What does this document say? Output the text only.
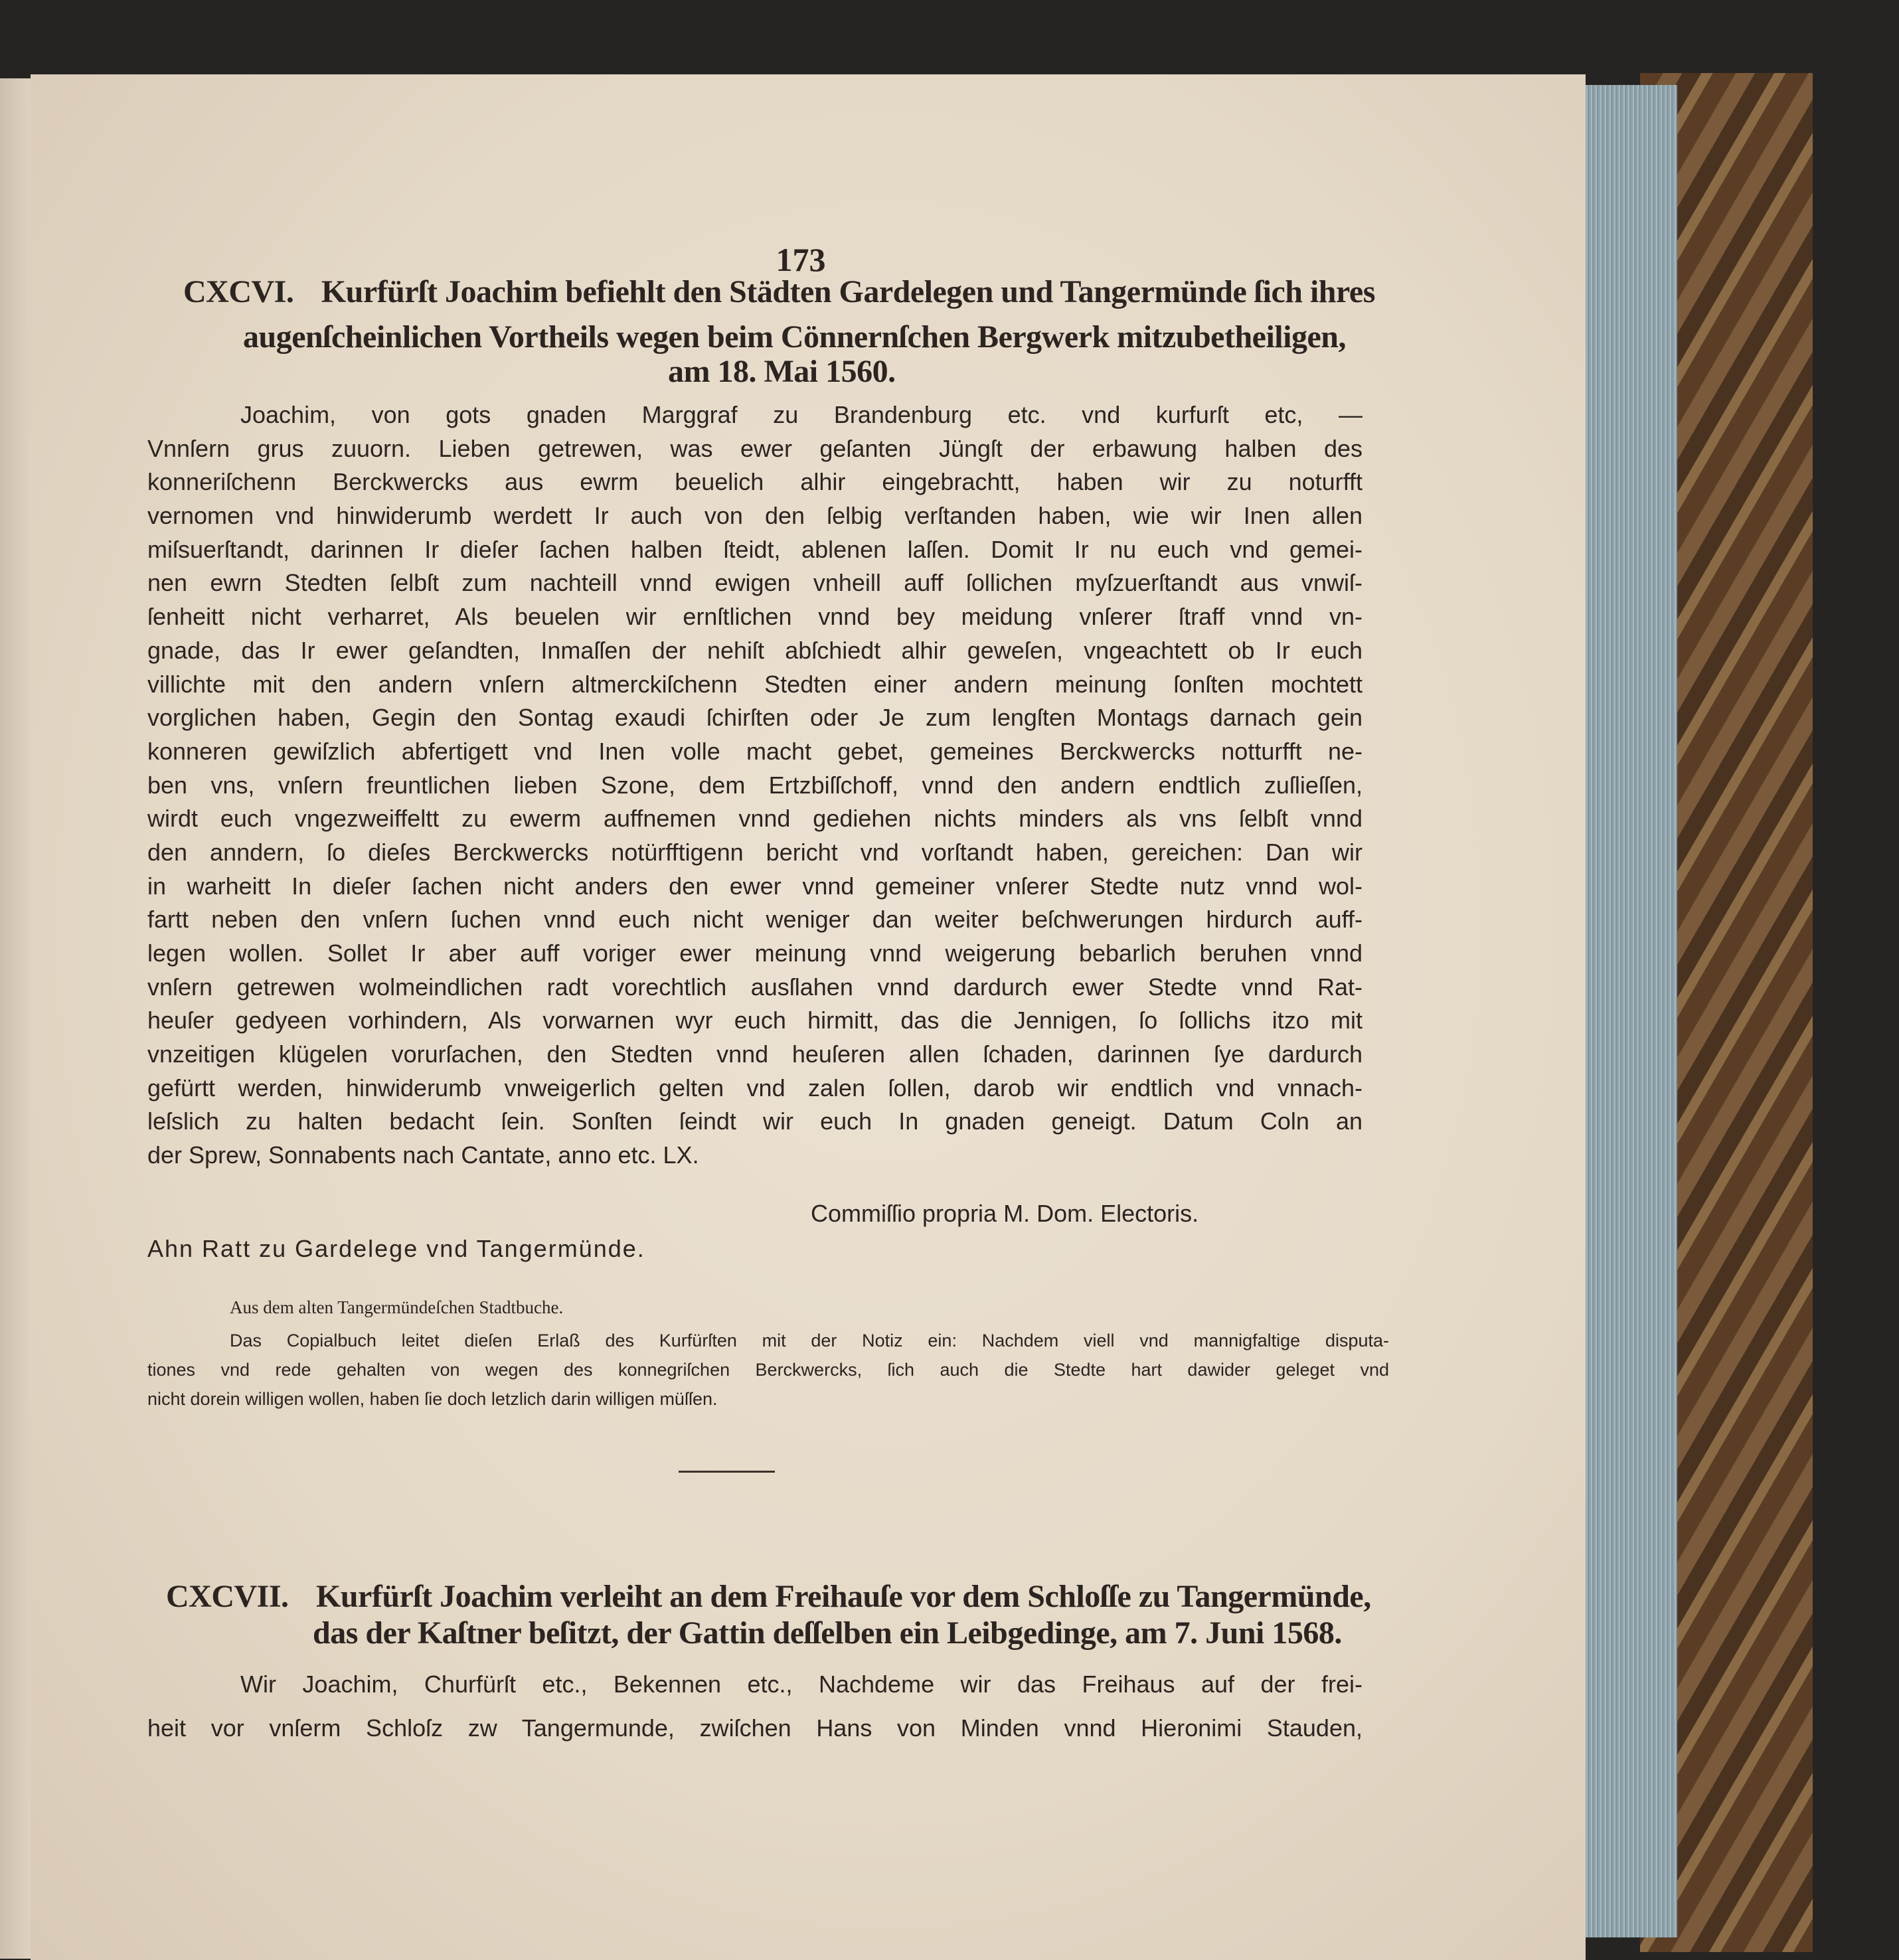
173
CXCVI. Kurfürſt Joachim befiehlt den Städten Gardelegen und Tangermünde ſich ihres
augenſcheinlichen Vortheils wegen beim Cönnernſchen Bergwerk mitzubetheiligen,
am 18. Mai 1560.
Joachim, von gots gnaden Marggraf zu Brandenburg etc. vnd kurfurſt etc, —
Vnnſern grus zuuorn. Lieben getrewen, was ewer geſanten Jüngſt der erbawung halben des
konneriſchenn Berckwercks aus ewrm beuelich alhir eingebrachtt, haben wir zu noturfft
vernomen vnd hinwiderumb werdett Ir auch von den ſelbig verſtanden haben, wie wir Inen allen
miſsuerſtandt, darinnen Ir dieſer ſachen halben ſteidt, ablenen laſſen. Domit Ir nu euch vnd gemei-
nen ewrn Stedten ſelbſt zum nachteill vnnd ewigen vnheill auff ſollichen myſzuerſtandt aus vnwiſ-
ſenheitt nicht verharret, Als beuelen wir ernſtlichen vnnd bey meidung vnſerer ſtraff vnnd vn-
gnade, das Ir ewer geſandten, Inmaſſen der nehiſt abſchiedt alhir geweſen, vngeachtett ob Ir euch
villichte mit den andern vnſern altmerckiſchenn Stedten einer andern meinung ſonſten mochtett
vorglichen haben, Gegin den Sontag exaudi ſchirſten oder Je zum lengſten Montags darnach gein
konneren gewiſzlich abfertigett vnd Inen volle macht gebet, gemeines Berckwercks notturfft ne-
ben vns, vnſern freuntlichen lieben Szone, dem Ertzbiſſchoff, vnnd den andern endtlich zuſlieſſen,
wirdt euch vngezweiffeltt zu ewerm auffnemen vnnd gediehen nichts minders als vns ſelbſt vnnd
den anndern, ſo dieſes Berckwercks notürfftigenn bericht vnd vorſtandt haben, gereichen: Dan wir
in warheitt In dieſer ſachen nicht anders den ewer vnnd gemeiner vnſerer Stedte nutz vnnd wol-
fartt neben den vnſern ſuchen vnnd euch nicht weniger dan weiter beſchwerungen hirdurch auff-
legen wollen. Sollet Ir aber auff voriger ewer meinung vnnd weigerung bebarlich beruhen vnnd
vnſern getrewen wolmeindlichen radt vorechtlich ausſlahen vnnd dardurch ewer Stedte vnnd Rat-
heuſer gedyeen vorhindern, Als vorwarnen wyr euch hirmitt, das die Jennigen, ſo ſollichs itzo mit
vnzeitigen klügelen vorurſachen, den Stedten vnnd heuſeren allen ſchaden, darinnen ſye dardurch
gefürtt werden, hinwiderumb vnweigerlich gelten vnd zalen ſollen, darob wir endtlich vnd vnnach-
leſslich zu halten bedacht ſein. Sonſten ſeindt wir euch In gnaden geneigt. Datum Coln an
der Sprew, Sonnabents nach Cantate, anno etc. LX.
Commiſſio propria M. Dom. Electoris.
Ahn Ratt zu Gardelege vnd Tangermünde.
Aus dem alten Tangermündeſchen Stadtbuche.
Das Copialbuch leitet dieſen Erlaß des Kurfürſten mit der Notiz ein: Nachdem viell vnd mannigfaltige disputa-
tiones vnd rede gehalten von wegen des konnegriſchen Berckwercks, ſich auch die Stedte hart dawider geleget vnd
nicht dorein willigen wollen, haben ſie doch letzlich darin willigen müſſen.
CXCVII. Kurfürſt Joachim verleiht an dem Freihauſe vor dem Schloſſe zu Tangermünde,
das der Kaſtner beſitzt, der Gattin deſſelben ein Leibgedinge, am 7. Juni 1568.
Wir Joachim, Churfürſt etc., Bekennen etc., Nachdeme wir das Freihaus auf der frei-
heit vor vnſerm Schloſz zw Tangermunde, zwiſchen Hans von Minden vnnd Hieronimi Stauden,
